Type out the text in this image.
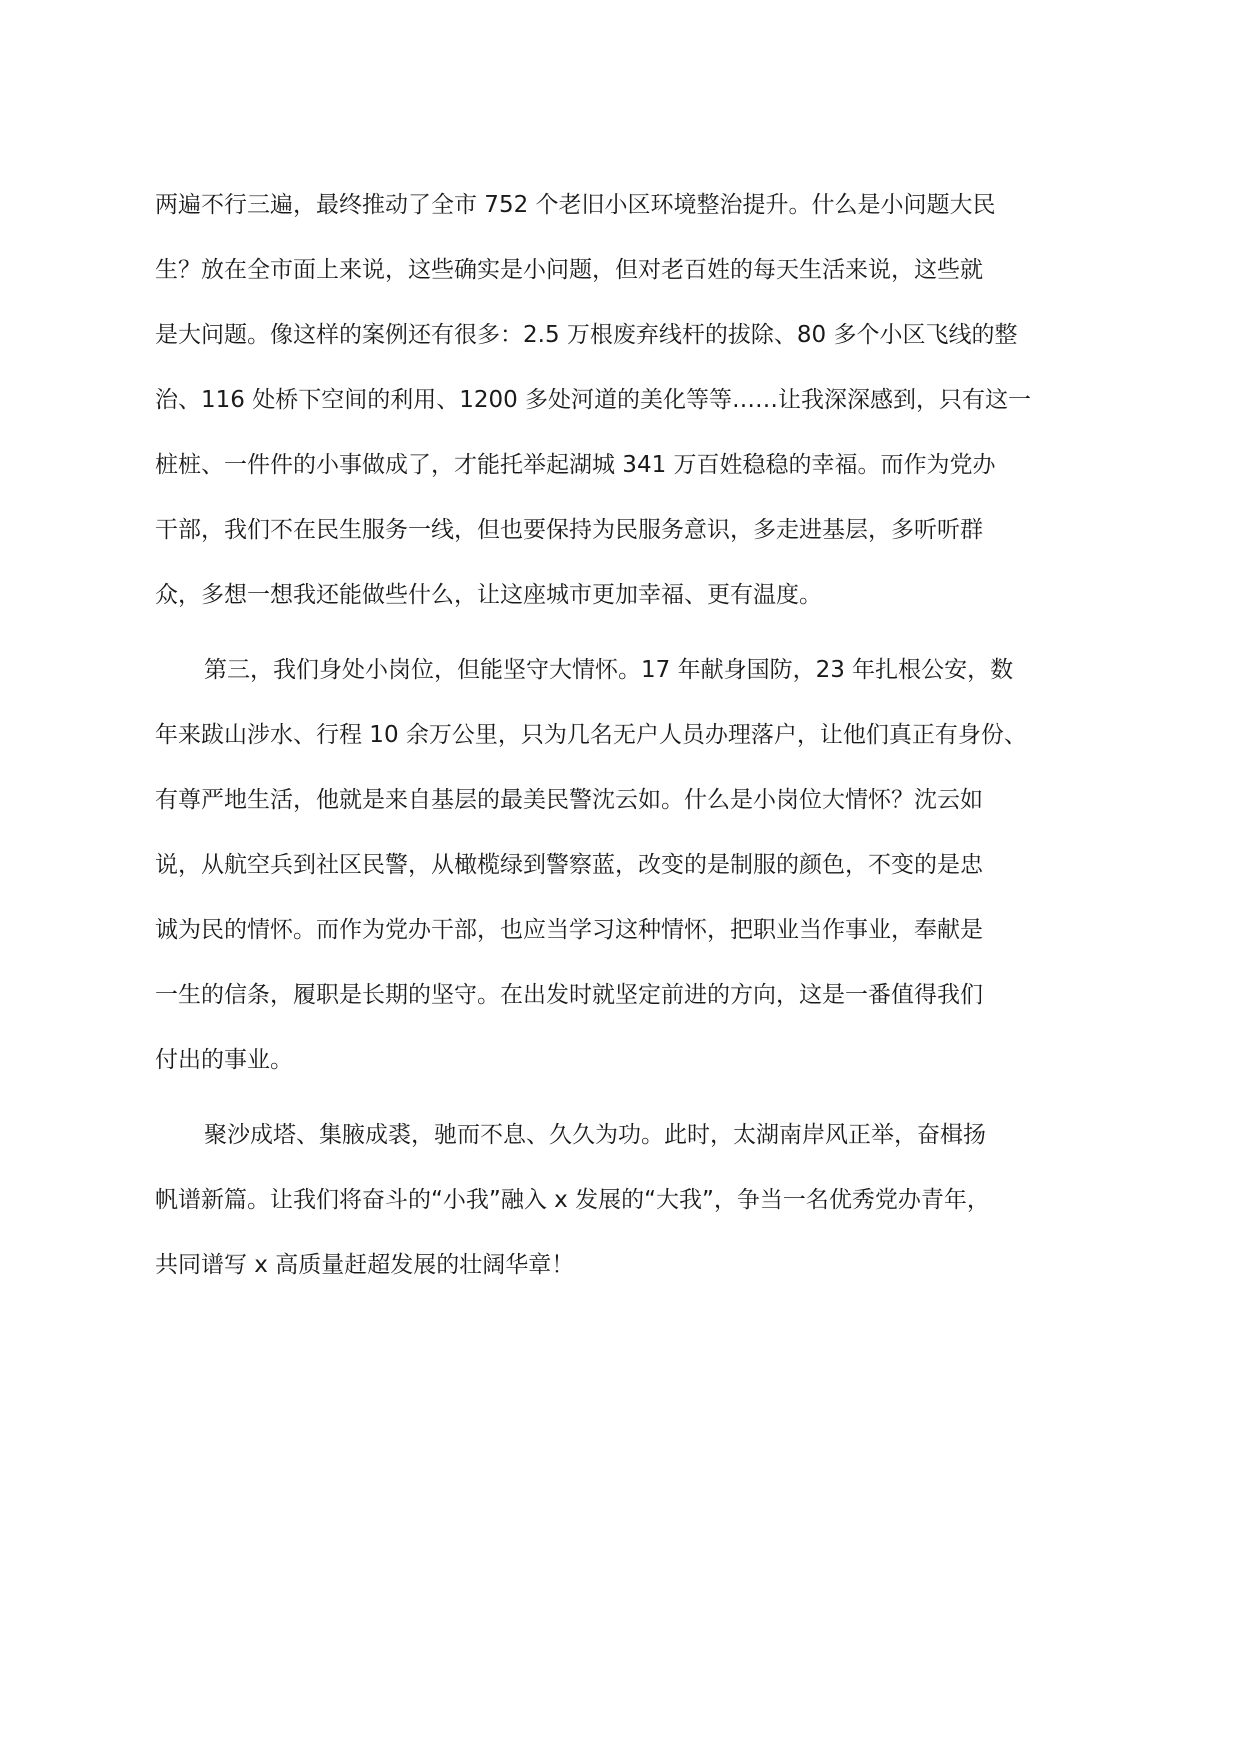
两遍不行三遍，最终推动了全市 752 个老旧小区环境整治提升。什么是小问题大民
生？放在全市面上来说，这些确实是小问题，但对老百姓的每天生活来说，这些就
是大问题。像这样的案例还有很多：2.5 万根废弃线杆的拔除、80 多个小区飞线的整
治、116 处桥下空间的利用、1200 多处河道的美化等等……让我深深感到，只有这一
桩桩、一件件的小事做成了，才能托举起湖城 341 万百姓稳稳的幸福。而作为党办
干部，我们不在民生服务一线，但也要保持为民服务意识，多走进基层，多听听群
众，多想一想我还能做些什么，让这座城市更加幸福、更有温度。
第三，我们身处小岗位，但能坚守大情怀。17 年献身国防，23 年扎根公安，数
年来跋山涉水、行程 10 余万公里，只为几名无户人员办理落户，让他们真正有身份、
有尊严地生活，他就是来自基层的最美民警沈云如。什么是小岗位大情怀？沈云如
说，从航空兵到社区民警，从橄榄绿到警察蓝，改变的是制服的颜色，不变的是忠
诚为民的情怀。而作为党办干部，也应当学习这种情怀，把职业当作事业，奉献是
一生的信条，履职是长期的坚守。在出发时就坚定前进的方向，这是一番值得我们
付出的事业。
聚沙成塔、集腋成裘，驰而不息、久久为功。此时，太湖南岸风正举，奋楫扬
帆谱新篇。让我们将奋斗的“小我”融入 x 发展的“大我”，争当一名优秀党办青年，
共同谱写 x 高质量赶超发展的壮阔华章！
